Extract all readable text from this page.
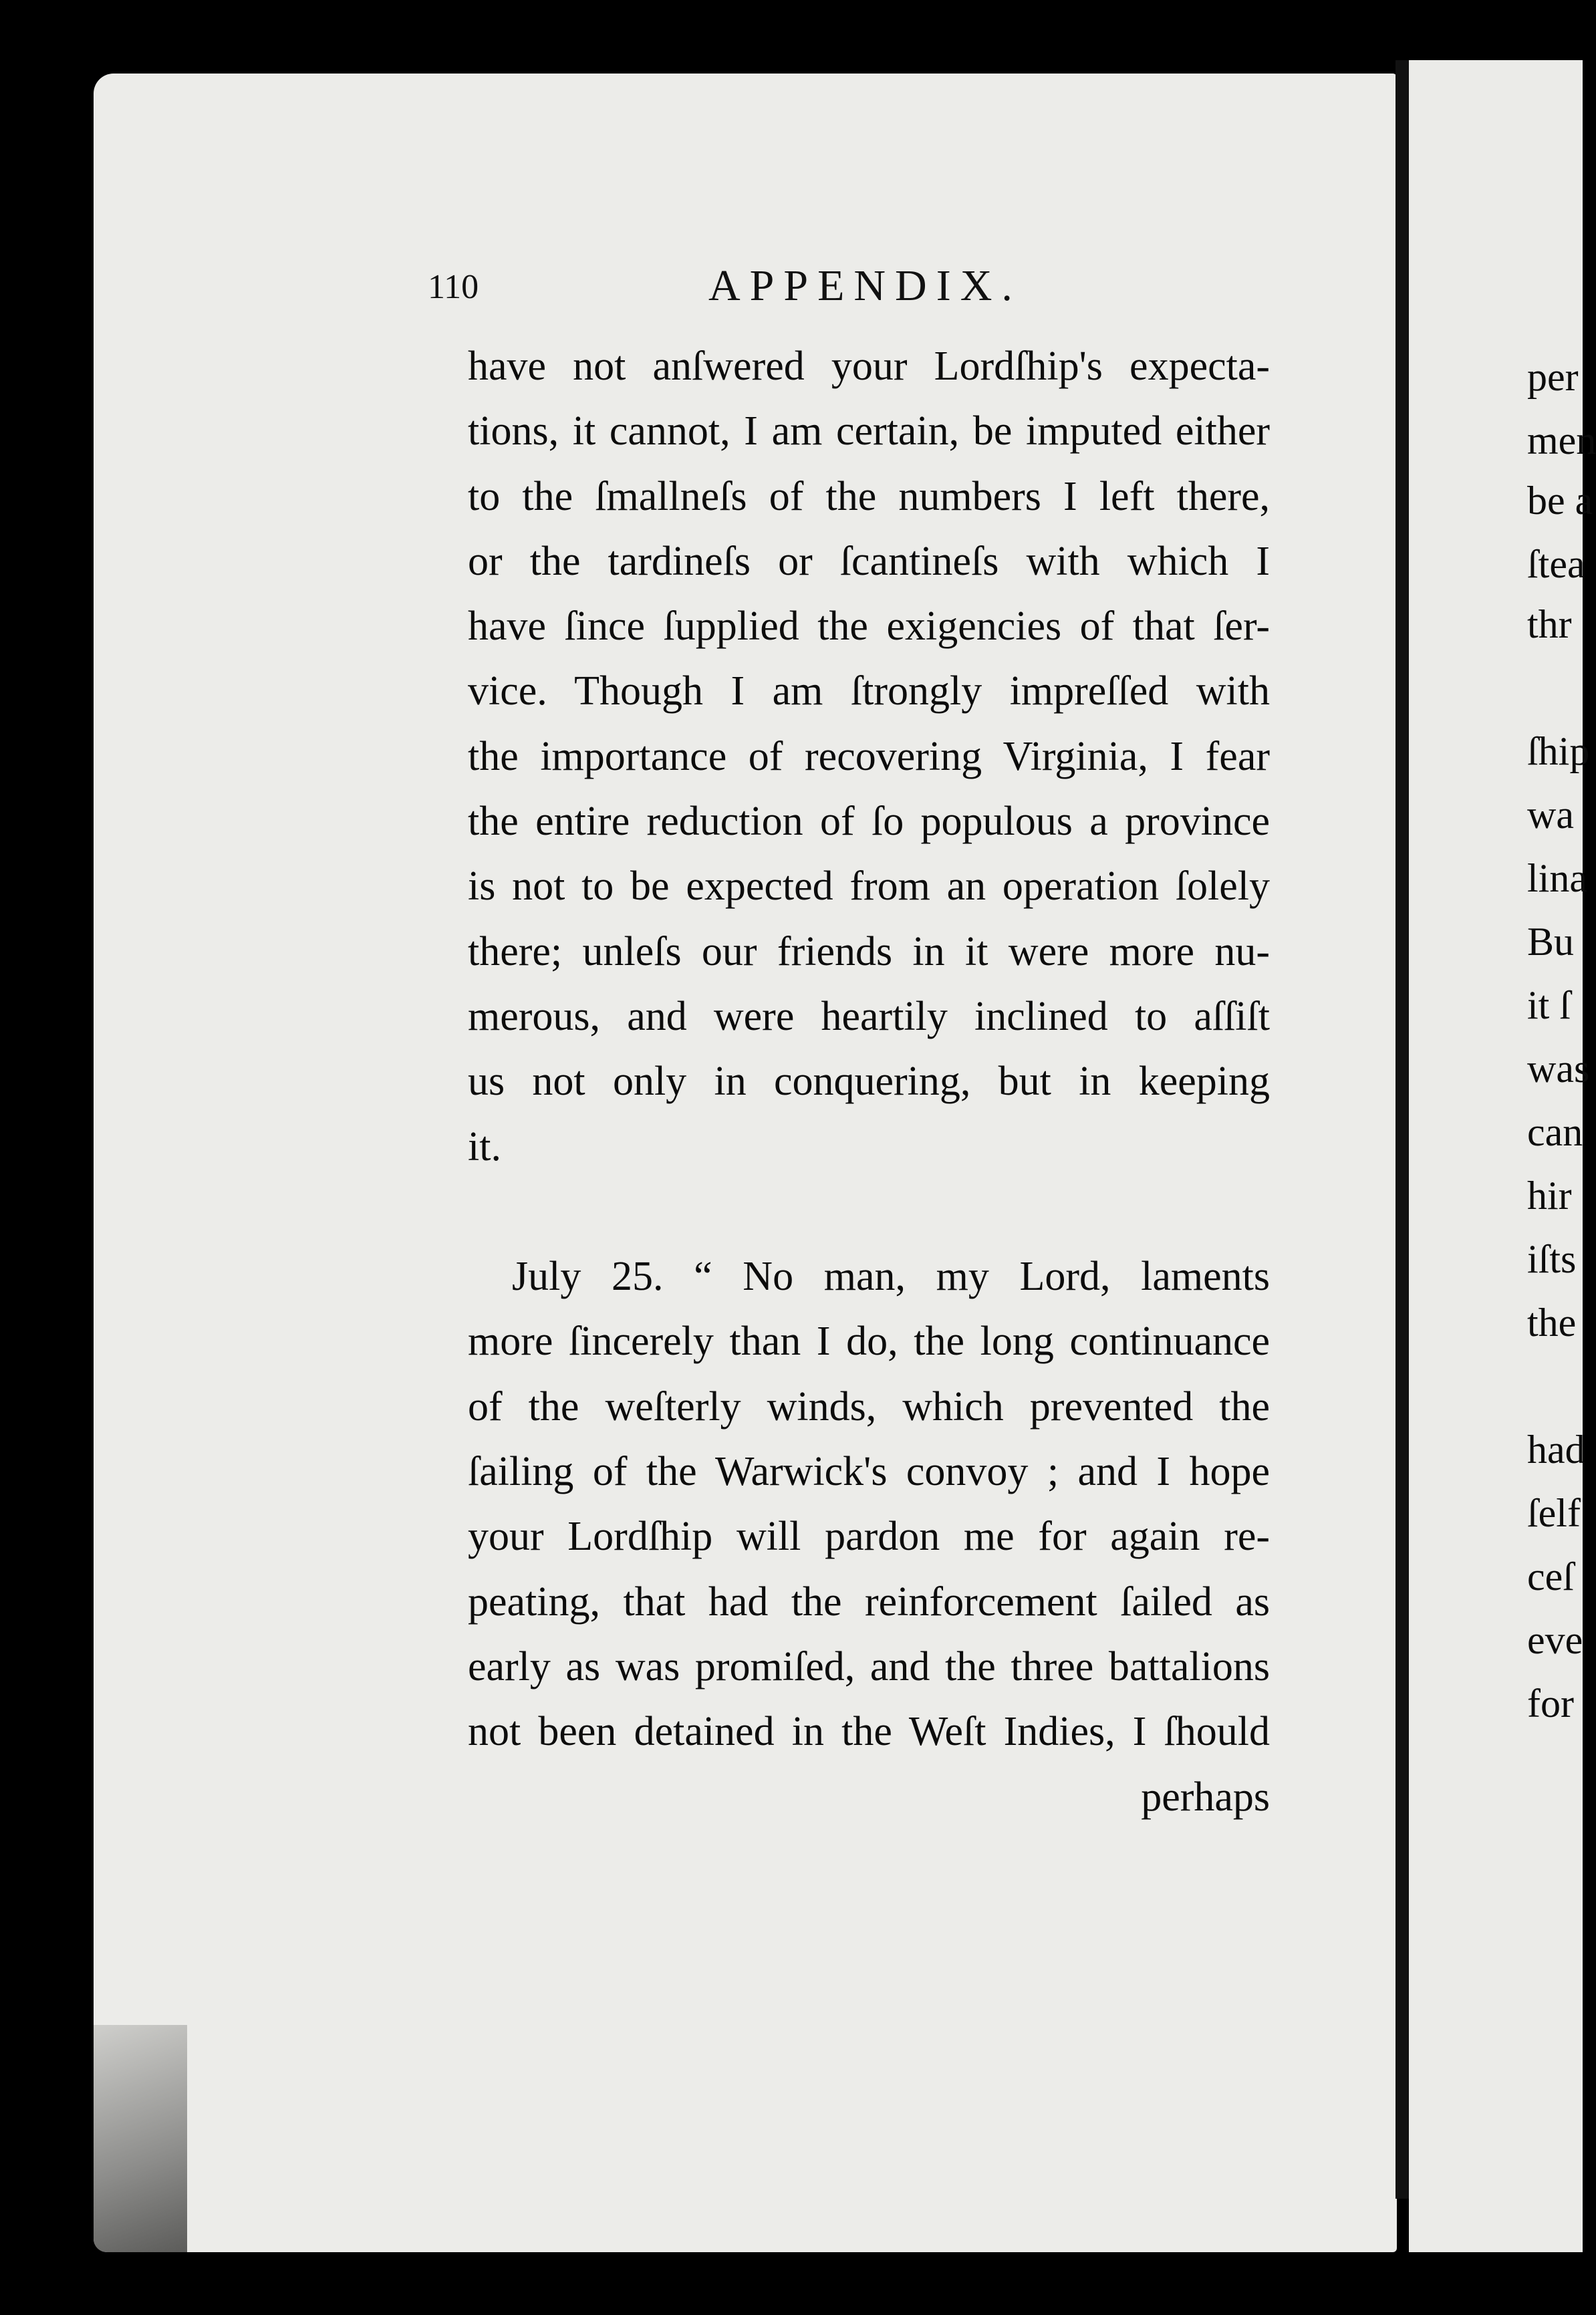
110	APPENDIX.
have not anſwered your Lordſhip's expecta-
tions, it cannot, I am certain, be imputed either
to the ſmallneſs of the numbers I left there,
or the tardineſs or ſcantineſs with which I
have ſince ſupplied the exigencies of that ſer-
vice. Though I am ſtrongly impreſſed with
the importance of recovering Virginia, I fear
the entire reduction of ſo populous a province
is not to be expected from an operation ſolely
there; unleſs our friends in it were more nu-
merous, and were heartily inclined to aſſiſt
us not only in conquering, but in keeping
it.
July 25. “ No man, my Lord, laments
more ſincerely than I do, the long continuance
of the weſterly winds, which prevented the
ſailing of the Warwick's convoy ; and I hope
your Lordſhip will pardon me for again re-
peating, that had the reinforcement ſailed as
early as was promiſed, and the three battalions
not been detained in the Weſt Indies, I ſhould
perhaps
per
men
be a
ſtea
thr
ſhip
wa
lina
Bu
it ſ
was
can
hir
iſts
the
had
ſelf
ceſ
eve
for
